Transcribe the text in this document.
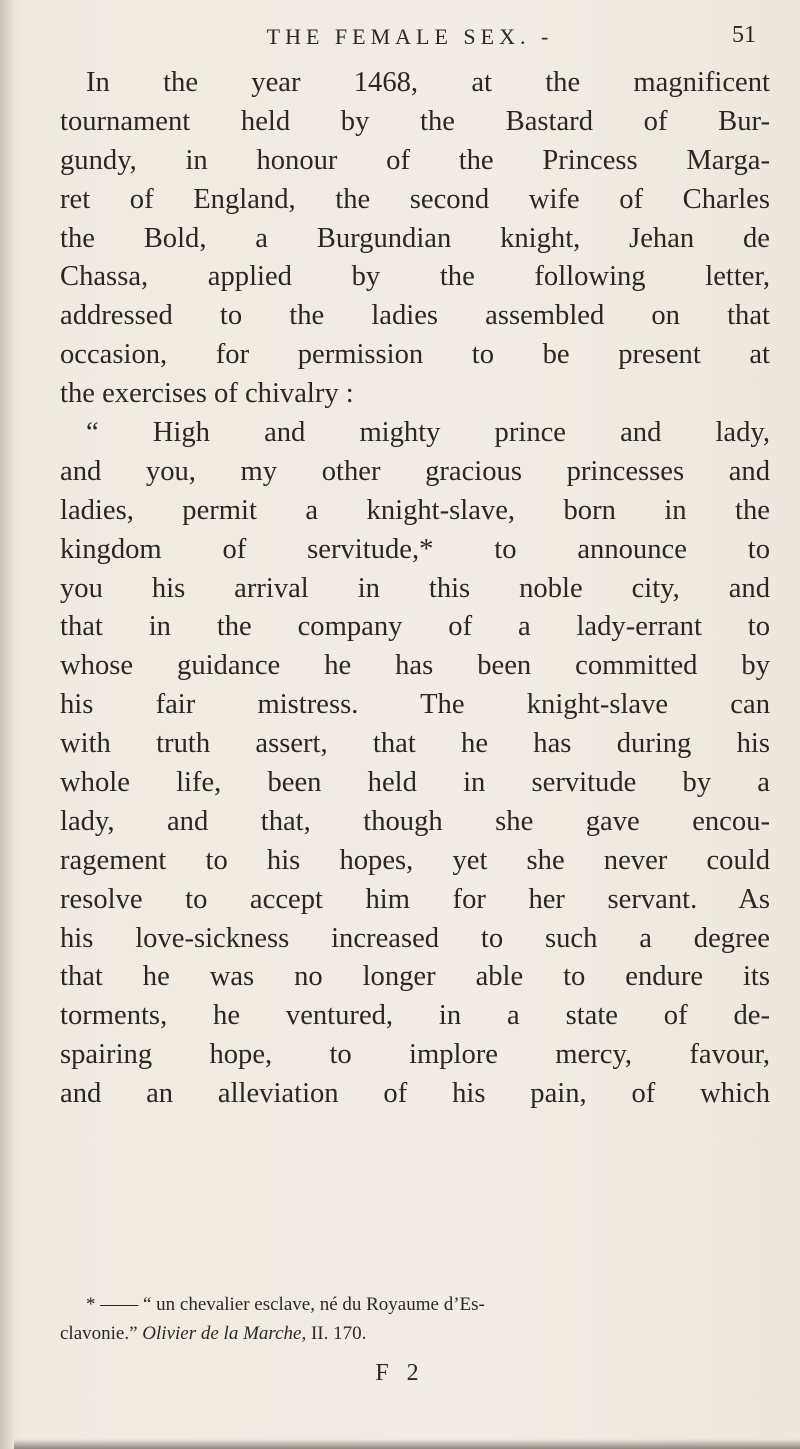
THE FEMALE SEX. -	51
In the year 1468, at the magnificent
tournament held by the Bastard of Bur-
gundy, in honour of the Princess Marga-
ret of England, the second wife of Charles
the Bold, a Burgundian knight, Jehan de
Chassa, applied by the following letter,
addressed to the ladies assembled on that
occasion, for permission to be present at
the exercises of chivalry :
“ High and mighty prince and lady,
and you, my other gracious princesses and
ladies, permit a knight-slave, born in the
kingdom of servitude,* to announce to
you his arrival in this noble city, and
that in the company of a lady-errant to
whose guidance he has been committed by
his fair mistress. The knight-slave can
with truth assert, that he has during his
whole life, been held in servitude by a
lady, and that, though she gave encou-
ragement to his hopes, yet she never could
resolve to accept him for her servant. As
his love-sickness increased to such a degree
that he was no longer able to endure its
torments, he ventured, in a state of de-
spairing hope, to implore mercy, favour,
and an alleviation of his pain, of which
* —— “ un chevalier esclave, né du Royaume d’Es-
clavonie.” Olivier de la Marche, II. 170.
F 2
